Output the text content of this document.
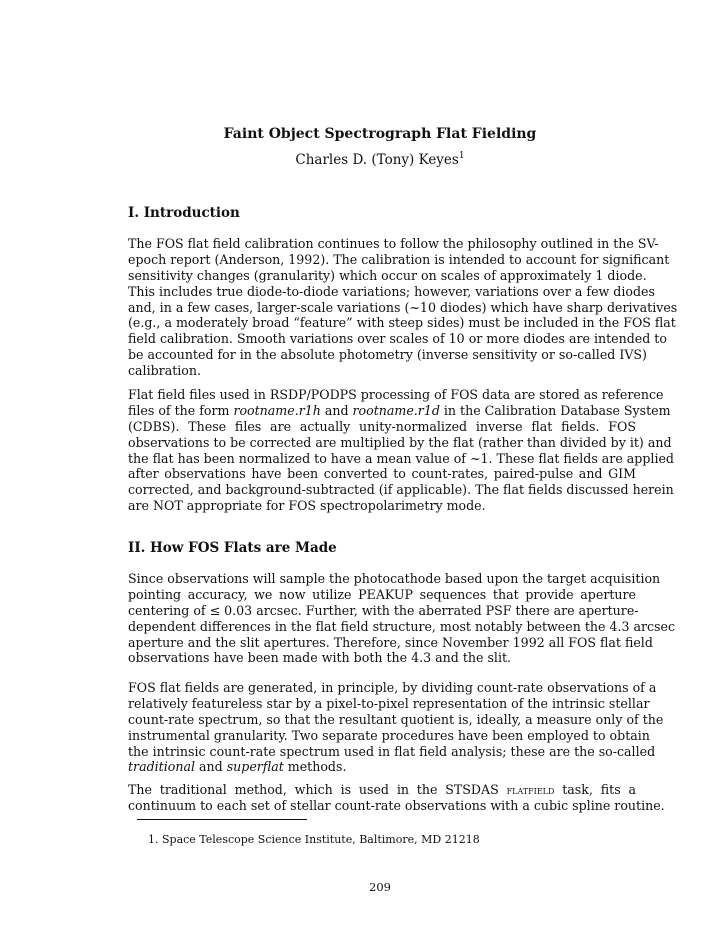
Faint Object Spectrograph Flat Fielding
Charles D. (Tony) Keyes$^1$
I. Introduction
The FOS flat field calibration continues to follow the philosophy outlined in the SV-
epoch report (Anderson, 1992). The calibration is intended to account for significant
sensitivity changes (granularity) which occur on scales of approximately 1 diode.
This includes true diode-to-diode variations; however, variations over a few diodes
and, in a few cases, larger-scale variations (~10 diodes) which have sharp derivatives
(e.g., a moderately broad “feature” with steep sides) must be included in the FOS flat
field calibration. Smooth variations over scales of 10 or more diodes are intended to
be accounted for in the absolute photometry (inverse sensitivity or so-called IVS)
calibration.
Flat field files used in RSDP/PODPS processing of FOS data are stored as reference
files of the form rootname.r1h and rootname.r1d in the Calibration Database System
(CDBS). These files are actually unity-normalized inverse flat fields. FOS
observations to be corrected are multiplied by the flat (rather than divided by it) and
the flat has been normalized to have a mean value of ~1. These flat fields are applied
after observations have been converted to count-rates, paired-pulse and GIM
corrected, and background-subtracted (if applicable). The flat fields discussed herein
are NOT appropriate for FOS spectropolarimetry mode.
II. How FOS Flats are Made
Since observations will sample the photocathode based upon the target acquisition
pointing accuracy, we now utilize PEAKUP sequences that provide aperture
centering of ≤ 0.03 arcsec. Further, with the aberrated PSF there are aperture-
dependent differences in the flat field structure, most notably between the 4.3 arcsec
aperture and the slit apertures. Therefore, since November 1992 all FOS flat field
observations have been made with both the 4.3 and the slit.
FOS flat fields are generated, in principle, by dividing count-rate observations of a
relatively featureless star by a pixel-to-pixel representation of the intrinsic stellar
count-rate spectrum, so that the resultant quotient is, ideally, a measure only of the
instrumental granularity. Two separate procedures have been employed to obtain
the intrinsic count-rate spectrum used in flat field analysis; these are the so-called
traditional and superflat methods.
The traditional method, which is used in the STSDAS flatfield task, fits a
continuum to each set of stellar count-rate observations with a cubic spline routine.
1. Space Telescope Science Institute, Baltimore, MD 21218
209
